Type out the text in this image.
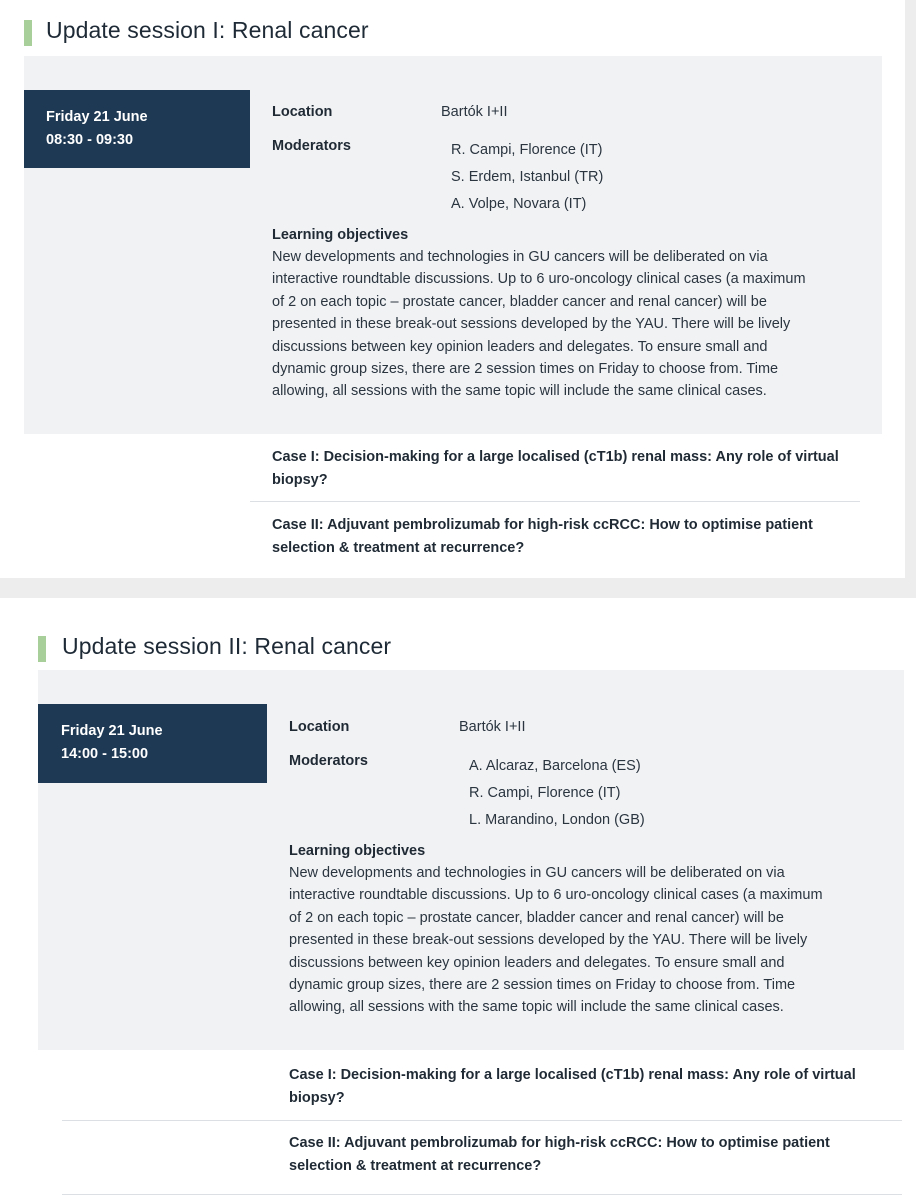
Update session I: Renal cancer
Friday 21 June
08:30 - 09:30
Location	Bartók I+II
Moderators	R. Campi, Florence (IT)
S. Erdem, Istanbul (TR)
A. Volpe, Novara (IT)
Learning objectives
New developments and technologies in GU cancers will be deliberated on via
interactive roundtable discussions. Up to 6 uro-oncology clinical cases (a maximum
of 2 on each topic – prostate cancer, bladder cancer and renal cancer) will be
presented in these break-out sessions developed by the YAU. There will be lively
discussions between key opinion leaders and delegates. To ensure small and
dynamic group sizes, there are 2 session times on Friday to choose from. Time
allowing, all sessions with the same topic will include the same clinical cases.
Case I: Decision-making for a large localised (cT1b) renal mass: Any role of virtual
biopsy?
Case II: Adjuvant pembrolizumab for high-risk ccRCC: How to optimise patient
selection & treatment at recurrence?
Update session II: Renal cancer
Friday 21 June
14:00 - 15:00
Location	Bartók I+II
Moderators	A. Alcaraz, Barcelona (ES)
R. Campi, Florence (IT)
L. Marandino, London (GB)
Learning objectives
New developments and technologies in GU cancers will be deliberated on via
interactive roundtable discussions. Up to 6 uro-oncology clinical cases (a maximum
of 2 on each topic – prostate cancer, bladder cancer and renal cancer) will be
presented in these break-out sessions developed by the YAU. There will be lively
discussions between key opinion leaders and delegates. To ensure small and
dynamic group sizes, there are 2 session times on Friday to choose from. Time
allowing, all sessions with the same topic will include the same clinical cases.
Case I: Decision-making for a large localised (cT1b) renal mass: Any role of virtual
biopsy?
Case II: Adjuvant pembrolizumab for high-risk ccRCC: How to optimise patient
selection & treatment at recurrence?
